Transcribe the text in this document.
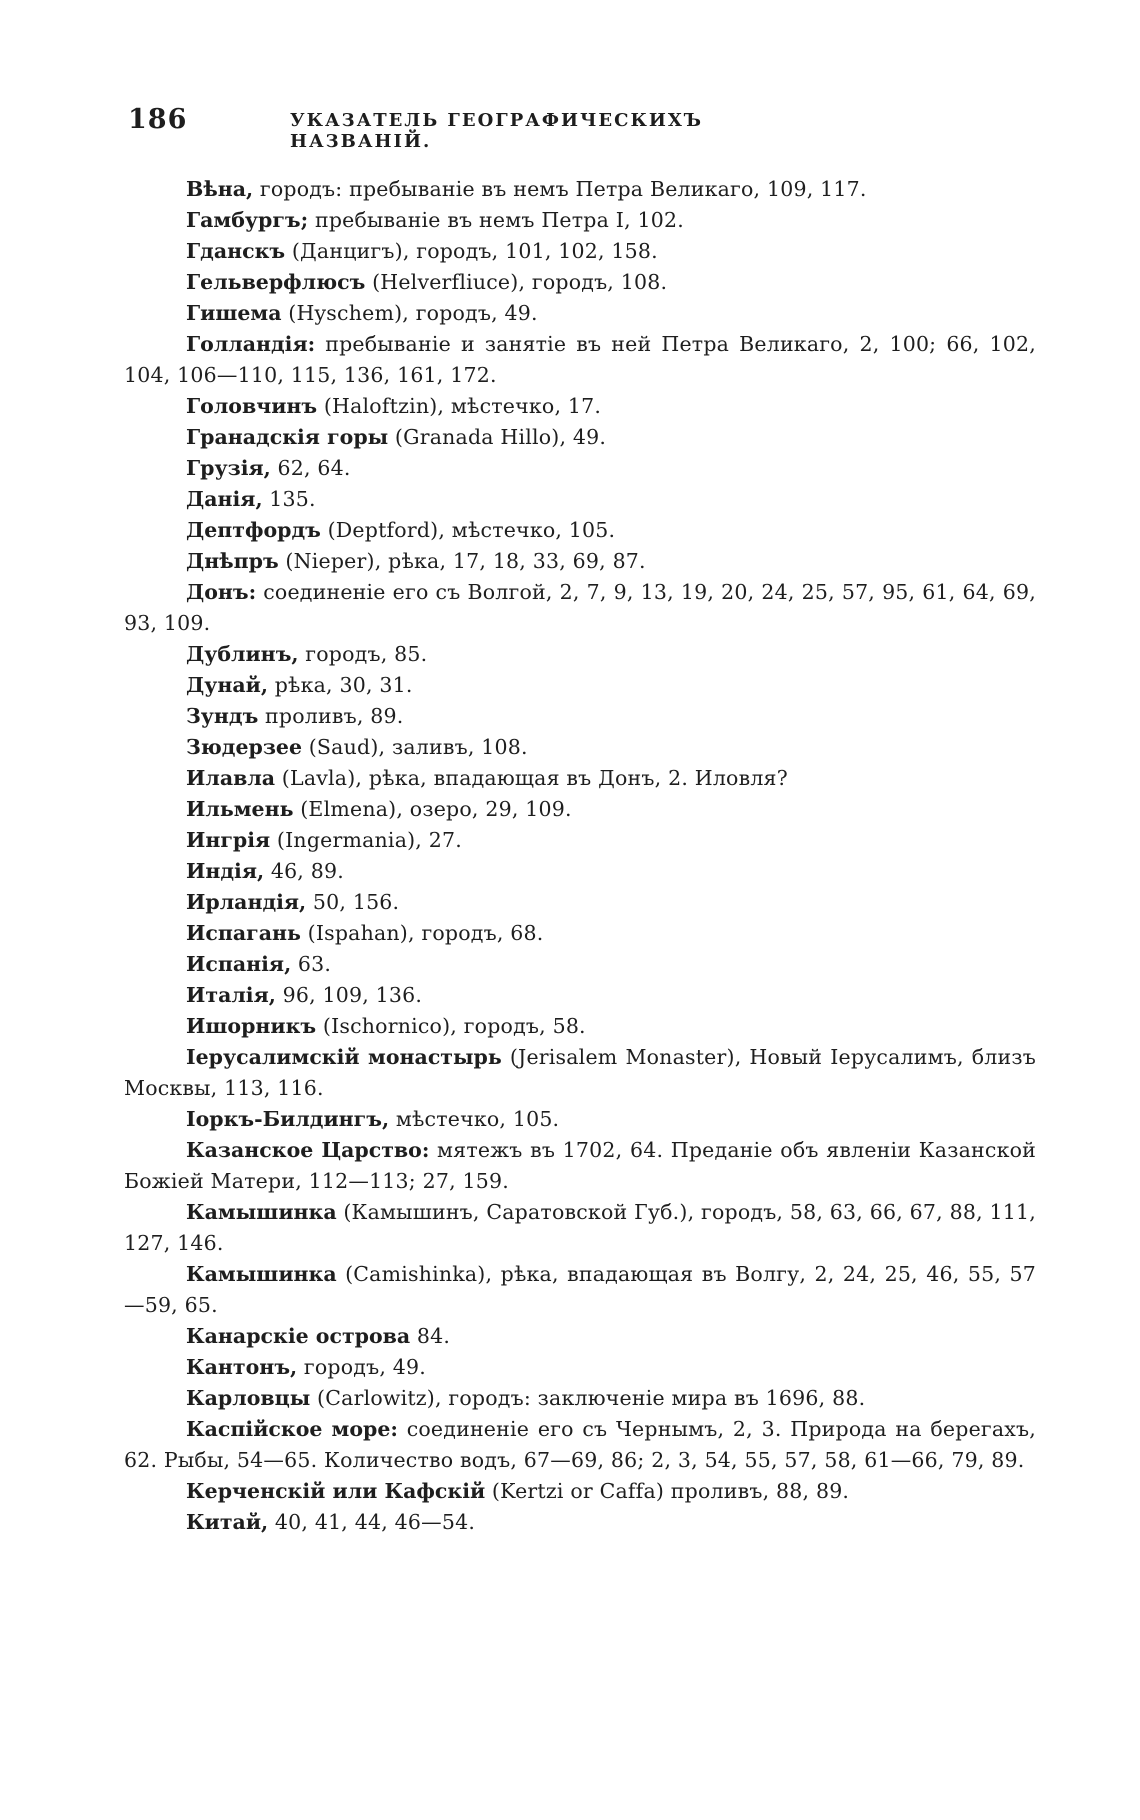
186	УКАЗАТЕЛЬ ГЕОГРАФИЧЕСКИХЪ НАЗВАНІЙ.

Вѣна, городъ: пребываніе въ немъ Петра Великаго, 109, 117.

Гамбургъ; пребываніе въ немъ Петра I, 102.

Гданскъ (Данцигъ), городъ, 101, 102, 158.

Гельверфлюсъ (Helverfliuce), городъ, 108.

Гишема (Hyschem), городъ, 49.

Голландія: пребываніе и занятіе въ ней Петра Великаго, 2, 100; 66, 102, 104, 106—110, 115, 136, 161, 172.

Головчинъ (Haloftzin), мѣстечко, 17.

Гранадскія горы (Granada Hillo), 49.

Грузія, 62, 64.

Данія, 135.

Дептфордъ (Deptford), мѣстечко, 105.

Днѣпръ (Nieper), рѣка, 17, 18, 33, 69, 87.

Донъ: соединеніе его съ Волгой, 2, 7, 9, 13, 19, 20, 24, 25, 57, 95, 61, 64, 69, 93, 109.

Дублинъ, городъ, 85.

Дунай, рѣка, 30, 31.

Зундъ проливъ, 89.

Зюдерзее (Saud), заливъ, 108.

Илавла (Lavla), рѣка, впадающая въ Донъ, 2. Иловля?

Ильмень (Elmena), озеро, 29, 109.

Ингрія (Ingermania), 27.

Индія, 46, 89.

Ирландія, 50, 156.

Испагань (Ispahan), городъ, 68.

Испанія, 63.

Италія, 96, 109, 136.

Ишорникъ (Ischornico), городъ, 58.

Іерусалимскій монастырь (Jerisalem Monaster), Новый Іерусалимъ, близъ Москвы, 113, 116.

Іоркъ-Билдингъ, мѣстечко, 105.

Казанское Царство: мятежъ въ 1702, 64. Преданіе объ явленіи Казанской Божіей Матери, 112—113; 27, 159.

Камышинка (Камышинъ, Саратовской Губ.), городъ, 58, 63, 66, 67, 88, 111, 127, 146.

Камышинка (Camishinka), рѣка, впадающая въ Волгу, 2, 24, 25, 46, 55, 57—59, 65.

Канарскіе острова 84.

Кантонъ, городъ, 49.

Карловцы (Carlowitz), городъ: заключеніе мира въ 1696, 88.

Каспійское море: соединеніе его съ Чернымъ, 2, 3. Природа на берегахъ, 62. Рыбы, 54—65. Количество водъ, 67—69, 86; 2, 3, 54, 55, 57, 58, 61—66, 79, 89.

Керченскій или Кафскій (Kertzi or Caffa) проливъ, 88, 89.

Китай, 40, 41, 44, 46—54.
